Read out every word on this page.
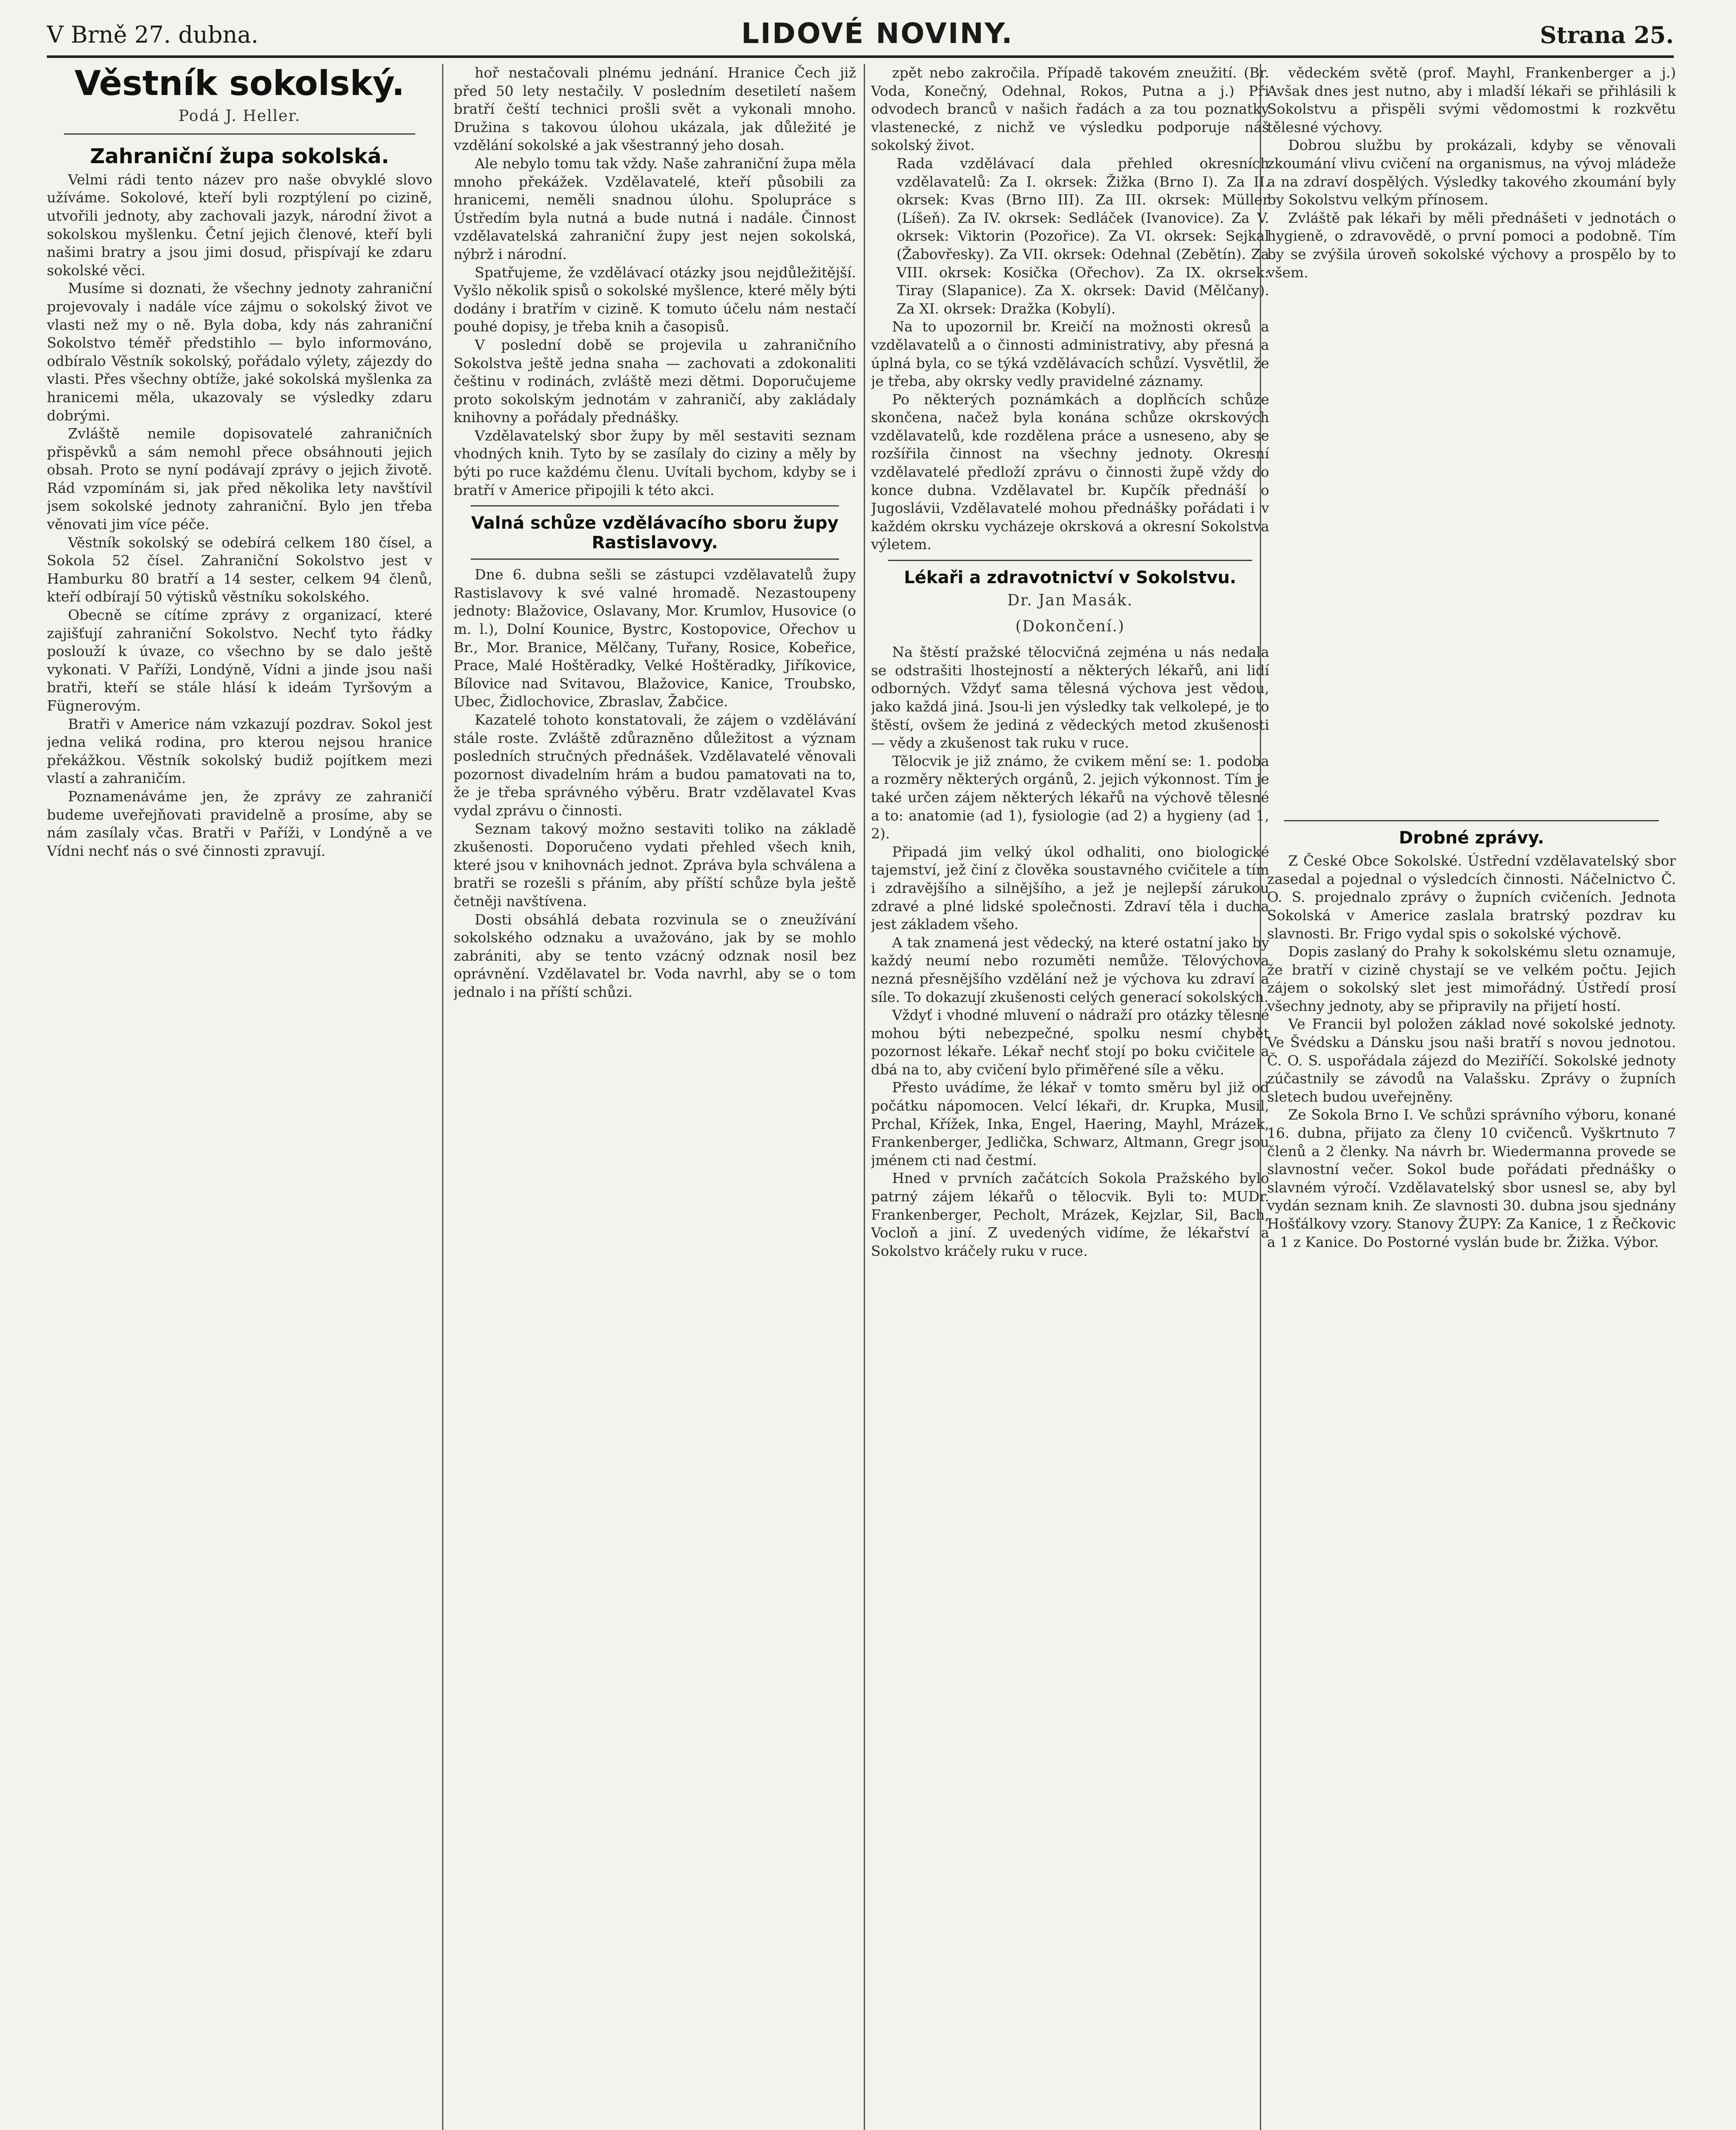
V Brně 27. dubna.	LIDOVÉ NOVINY.	Strana 25.
Věstník sokolský.
Podá J. Heller.
Zahraniční župa sokolská.

Velmi rádi tento název pro naše obvyklé slovo užíváme. Sokolové, kteří byli rozptýlení po cizině, utvořili jednoty, aby zachovali jazyk, národní život a sokolskou myšlenku. Četní jejich členové, kteří byli našimi bratry a jsou jimi dosud, přispívají ke zdaru sokolské věci.

Musíme si doznati, že všechny jednoty zahraniční projevovaly i nadále více zájmu o sokolský život ve vlasti než my o ně. Byla doba, kdy nás zahraniční Sokolstvo téměř předstihlo — bylo informováno, odbíralo Věstník sokolský, pořádalo výlety, zájezdy do vlasti. Přes všechny obtíže, jaké sokolská myšlenka za hranicemi měla, ukazovaly se výsledky zdaru dobrými.

Zvláště nemile dopisovatelé zahraničních přispěvků a sám nemohl přece obsáhnouti jejich obsah. Proto se nyní podávají zprávy o jejich životě. Rád vzpomínám si, jak před několika lety navštívil jsem sokolské jednoty zahraniční. Bylo jen třeba věnovati jim více péče.

Věstník sokolský se odebírá celkem 180 čísel, a Sokola 52 čísel. Zahraniční Sokolstvo jest v Hamburku 80 bratří a 14 sester, celkem 94 členů, kteří odbírají 50 výtisků věstníku sokolského.

Obecně se cítíme zprávy z organizací, které zajišťují zahraniční Sokolstvo. Nechť tyto řádky poslouží k úvaze, co všechno by se dalo ještě vykonati. V Paříži, Londýně, Vídni a jinde jsou naši bratři, kteří se stále hlásí k ideám Tyršovým a Fügnerovým.

Bratři v Americe nám vzkazují pozdrav. Sokol jest jedna veliká rodina, pro kterou nejsou hranice překážkou. Věstník sokolský budiž pojítkem mezi vlastí a zahraničím.

Poznamenáváme jen, že zprávy ze zahraničí budeme uveřejňovati pravidelně a prosíme, aby se nám zasílaly včas. Bratři v Paříži, v Londýně a ve Vídni nechť nás o své činnosti zpravují.

hoř nestačovali plnému jednání. Hranice Čech již před 50 lety nestačily. V posledním desetiletí našem bratří čeští technici prošli svět a vykonali mnoho. Družina s takovou úlohou ukázala, jak důležité je vzdělání sokolské a jak všestranný jeho dosah.

Ale nebylo tomu tak vždy. Naše zahraniční župa měla mnoho překážek. Vzdělavatelé, kteří působili za hranicemi, neměli snadnou úlohu. Spolupráce s Ústředím byla nutná a bude nutná i nadále. Činnost vzdělavatelská zahraniční župy jest nejen sokolská, nýbrž i národní.

Spatřujeme, že vzdělávací otázky jsou nejdůležitější. Vyšlo několik spisů o sokolské myšlence, které měly býti dodány i bratřím v cizině. K tomuto účelu nám nestačí pouhé dopisy, je třeba knih a časopisů.

V poslední době se projevila u zahraničního Sokolstva ještě jedna snaha — zachovati a zdokonaliti češtinu v rodinách, zvláště mezi dětmi. Doporučujeme proto sokolským jednotám v zahraničí, aby zakládaly knihovny a pořádaly přednášky.

Vzdělavatelský sbor župy by měl sestaviti seznam vhodných knih. Tyto by se zasílaly do ciziny a měly by býti po ruce každému členu. Uvítali bychom, kdyby se i bratří v Americe připojili k této akci.

Valná schůze vzdělávacího sboru župy Rastislavovy.

Dne 6. dubna sešli se zástupci vzdělavatelů župy Rastislavovy k své valné hromadě. Nezastoupeny jednoty: Blažovice, Oslavany, Mor. Krumlov, Husovice (o m. l.), Dolní Kounice, Bystrc, Kostopovice, Ořechov u Br., Mor. Branice, Mělčany, Tuřany, Rosice, Kobeřice, Prace, Malé Hoštěradky, Velké Hoštěradky, Jiříkovice, Bílovice nad Svitavou, Blažovice, Kanice, Troubsko, Ubec, Židlochovice, Zbraslav, Žabčice.

Kazatelé tohoto konstatovali, že zájem o vzdělávání stále roste. Zvláště zdůrazněno důležitost a význam posledních stručných přednášek. Vzdělavatelé věnovali pozornost divadelním hrám a budou pamatovati na to, že je třeba správného výběru. Bratr vzdělavatel Kvas vydal zprávu o činnosti.

Seznam takový možno sestaviti toliko na základě zkušenosti. Doporučeno vydati přehled všech knih, které jsou v knihovnách jednot. Zpráva byla schválena a bratři se rozešli s přáním, aby příští schůze byla ještě četněji navštívena.

Dosti obsáhlá debata rozvinula se o zneužívání sokolského odznaku a uvažováno, jak by se mohlo zabrániti, aby se tento vzácný odznak nosil bez oprávnění. Vzdělavatel br. Voda navrhl, aby se o tom jednalo i na příští schůzi.

zpět nebo zakročila. Případě takovém zneužití. (Br. Voda, Konečný, Odehnal, Rokos, Putna a j.) Při odvodech branců v našich řadách a za tou poznatky vlastenecké, z nichž ve výsledku podporuje náš sokolský život.

Rada vzdělávací dala přehled okresních vzdělavatelů: Za I. okrsek: Žižka (Brno I). Za II. okrsek: Kvas (Brno III). Za III. okrsek: Müller (Líšeň). Za IV. okrsek: Sedláček (Ivanovice). Za V. okrsek: Viktorin (Pozořice). Za VI. okrsek: Sejkal (Žabovřesky). Za VII. okrsek: Odehnal (Zebětín). Za VIII. okrsek: Kosička (Ořechov). Za IX. okrsek: Tiray (Slapanice). Za X. okrsek: David (Mělčany). Za XI. okrsek: Dražka (Kobylí).

Na to upozornil br. Kreičí na možnosti okresů a vzdělavatelů a o činnosti administrativy, aby přesná a úplná byla, co se týká vzdělávacích schůzí. Vysvětlil, že je třeba, aby okrsky vedly pravidelné záznamy.

Po některých poznámkách a doplňcích schůze skončena, načež byla konána schůze okrskových vzdělavatelů, kde rozdělena práce a usneseno, aby se rozšířila činnost na všechny jednoty. Okresní vzdělavatelé předloží zprávu o činnosti župě vždy do konce dubna. Vzdělavatel br. Kupčík přednáší o Jugoslávii, Vzdělavatelé mohou přednášky pořádati i v každém okrsku vycházeje okrsková a okresní Sokolstva výletem.

Lékaři a zdravotnictví v Sokolstvu.
Dr. Jan Masák.
(Dokončení.)

Na štěstí pražské tělocvičná zejména u nás nedala se odstrašiti lhostejností a některých lékařů, ani lidí odborných. Vždyť sama tělesná výchova jest vědou, jako každá jiná. Jsou-li jen výsledky tak velkolepé, je to štěstí, ovšem že jediná z vědeckých metod zkušenosti — vědy a zkušenost tak ruku v ruce.

Tělocvik je již známo, že cvikem mění se: 1. podoba a rozměry některých orgánů, 2. jejich výkonnost. Tím je také určen zájem některých lékařů na výchově tělesné a to: anatomie (ad 1), fysiologie (ad 2) a hygieny (ad 1, 2).

Připadá jim velký úkol odhaliti, ono biologické tajemství, jež činí z člověka soustavného cvičitele a tím i zdravějšího a silnějšího, a jež je nejlepší zárukou zdravé a plné lidské společnosti. Zdraví těla i ducha jest základem všeho.

A tak znamená jest vědecký, na které ostatní jako by každý neumí nebo rozuměti nemůže. Tělovýchova nezná přesnějšího vzdělání než je výchova ku zdraví a síle. To dokazují zkušenosti celých generací sokolských.

Vždyť i vhodné mluvení o nádraží pro otázky tělesné mohou býti nebezpečné, spolku nesmí chybět pozornost lékaře. Lékař nechť stojí po boku cvičitele a dbá na to, aby cvičení bylo přiměřené síle a věku.

Přesto uvádíme, že lékař v tomto směru byl již od počátku nápomocen. Velcí lékaři, dr. Krupka, Musil, Prchal, Křížek, Inka, Engel, Haering, Mayhl, Mrázek, Frankenberger, Jedlička, Schwarz, Altmann, Gregr jsou jménem cti nad čestmí.

Hned v prvních začátcích Sokola Pražského bylo patrný zájem lékařů o tělocvik. Byli to: MUDr. Frankenberger, Pecholt, Mrázek, Kejzlar, Sil, Bach, Vocloň a jiní. Z uvedených vidíme, že lékařství a Sokolstvo kráčely ruku v ruce.

vědeckém světě (prof. Mayhl, Frankenberger a j.) Avšak dnes jest nutno, aby i mladší lékaři se přihlásili k Sokolstvu a přispěli svými vědomostmi k rozkvětu tělesné výchovy.

Dobrou službu by prokázali, kdyby se věnovali zkoumání vlivu cvičení na organismus, na vývoj mládeže a na zdraví dospělých. Výsledky takového zkoumání byly by Sokolstvu velkým přínosem.

Zvláště pak lékaři by měli přednášeti v jednotách o hygieně, o zdravovědě, o první pomoci a podobně. Tím by se zvýšila úroveň sokolské výchovy a prospělo by to všem.

Drobné zprávy.

Z České Obce Sokolské. Ústřední vzdělavatelský sbor zasedal a pojednal o výsledcích činnosti. Náčelnictvo Č. O. S. projednalo zprávy o župních cvičeních. Jednota Sokolská v Americe zaslala bratrský pozdrav ku slavnosti. Br. Frigo vydal spis o sokolské výchově.

Dopis zaslaný do Prahy k sokolskému sletu oznamuje, že bratří v cizině chystají se ve velkém počtu. Jejich zájem o sokolský slet jest mimořádný. Ústředí prosí všechny jednoty, aby se připravily na přijetí hostí.

Ve Francii byl položen základ nové sokolské jednoty. Ve Švédsku a Dánsku jsou naši bratří s novou jednotou. Č. O. S. uspořádala zájezd do Meziříčí. Sokolské jednoty zúčastnily se závodů na Valašsku. Zprávy o župních sletech budou uveřejněny.

Ze Sokola Brno I. Ve schůzi správního výboru, konané 16. dubna, přijato za členy 10 cvičenců. Vyškrtnuto 7 členů a 2 členky. Na návrh br. Wiedermanna provede se slavnostní večer. Sokol bude pořádati přednášky o slavném výročí. Vzdělavatelský sbor usnesl se, aby byl vydán seznam knih. Ze slavnosti 30. dubna jsou sjednány Hošťálkovy vzory. Stanovy ŽUPY: Za Kanice, 1 z Řečkovic a 1 z Kanice. Do Postorné vyslán bude br. Žižka. Výbor.
